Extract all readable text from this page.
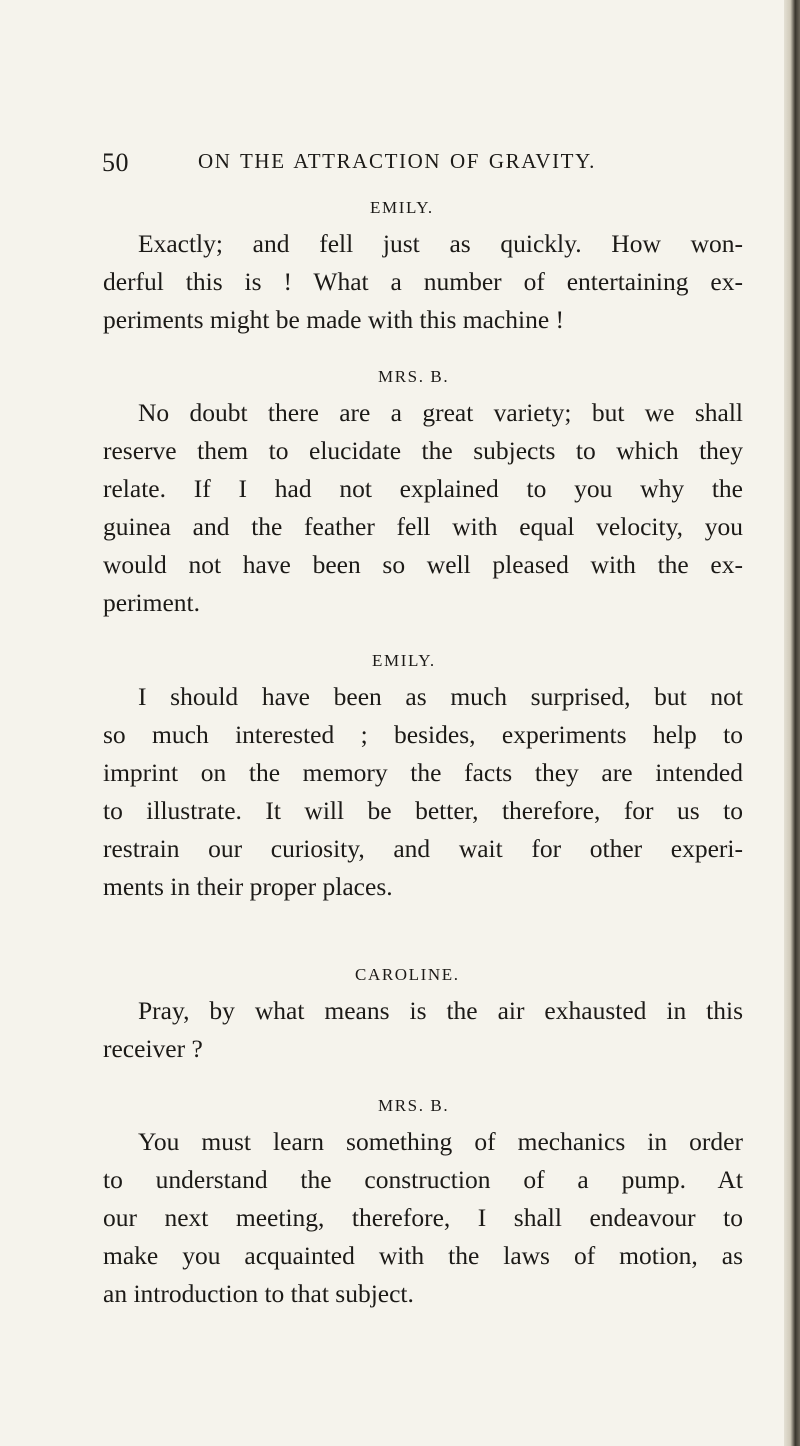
50	ON THE ATTRACTION OF GRAVITY.
EMILY.
Exactly; and fell just as quickly. How won-
derful this is ! What a number of entertaining ex-
periments might be made with this machine !
MRS. B.
No doubt there are a great variety; but we shall
reserve them to elucidate the subjects to which they
relate. If I had not explained to you why the
guinea and the feather fell with equal velocity, you
would not have been so well pleased with the ex-
periment.
EMILY.
I should have been as much surprised, but not
so much interested ; besides, experiments help to
imprint on the memory the facts they are intended
to illustrate. It will be better, therefore, for us to
restrain our curiosity, and wait for other experi-
ments in their proper places.
CAROLINE.
Pray, by what means is the air exhausted in this
receiver ?
MRS. B.
You must learn something of mechanics in order
to understand the construction of a pump. At
our next meeting, therefore, I shall endeavour to
make you acquainted with the laws of motion, as
an introduction to that subject.
